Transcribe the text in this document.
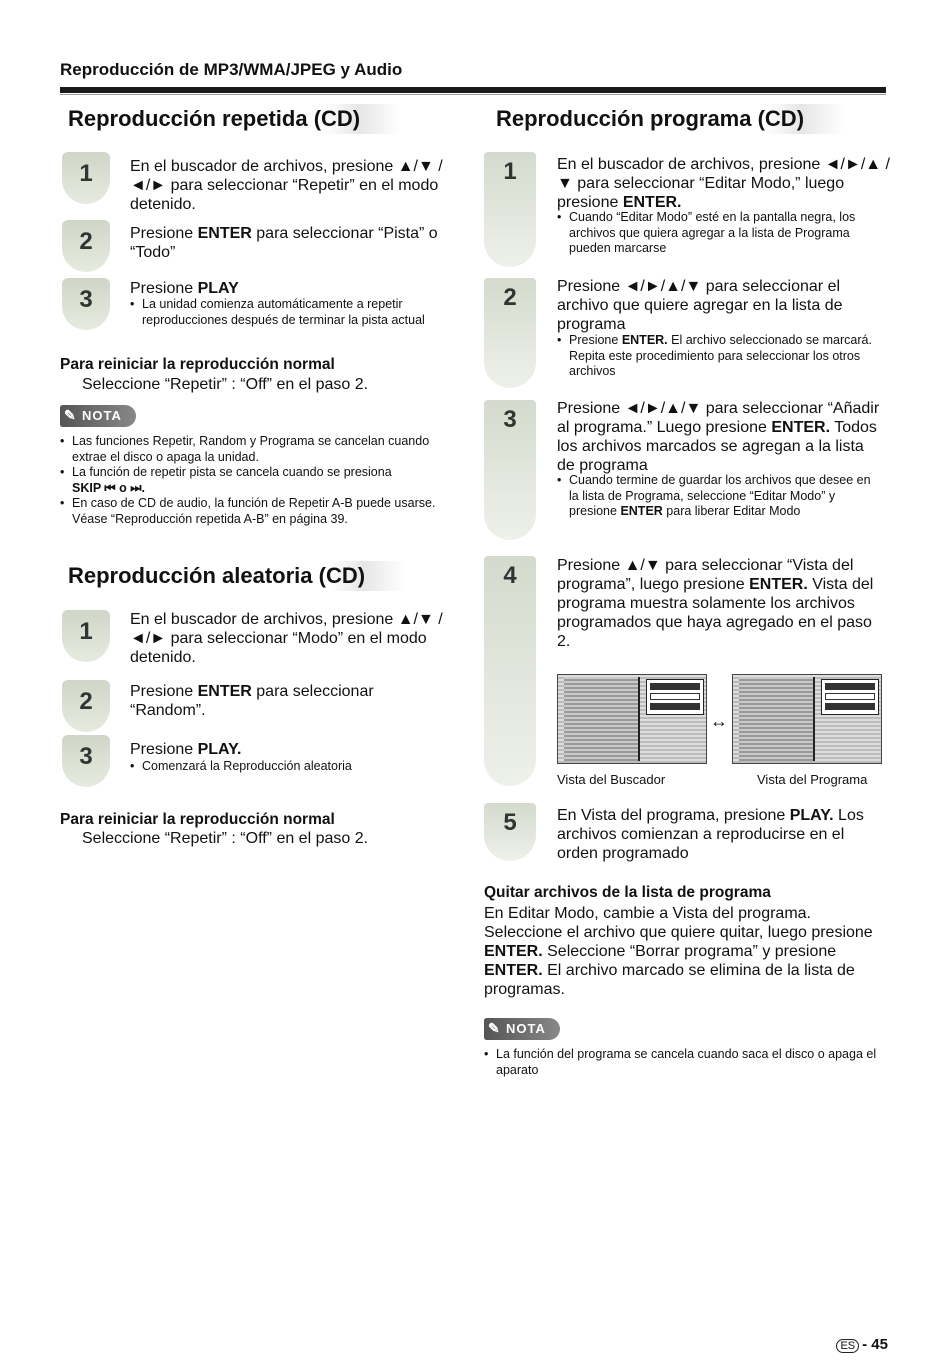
Reproducción de MP3/WMA/JPEG y Audio
Reproducción repetida (CD)
1	En el buscador de archivos, presione ▲/▼ /◄/► para seleccionar “Repetir” en el modo detenido.
2	Presione ENTER para seleccionar “Pista” o “Todo”
3	Presione PLAY
• La unidad comienza automáticamente a repetir reproducciones después de terminar la pista actual
Para reiniciar la reproducción normal
Seleccione “Repetir” : “Off” en el paso 2.
✎ NOTA
• Las funciones Repetir, Random y Programa se cancelan cuando extrae el disco o apaga la unidad.
• La función de repetir pista se cancela cuando se presiona
SKIP ⏮ o ⏭.
• En caso de CD de audio, la función de Repetir A-B puede usarse. Véase “Reproducción repetida A-B” en página 39.
Reproducción aleatoria (CD)
1	En el buscador de archivos, presione ▲/▼ /◄/► para seleccionar “Modo” en el modo detenido.
2	Presione ENTER para seleccionar “Random”.
3	Presione PLAY.
• Comenzará la Reproducción aleatoria
Para reiniciar la reproducción normal
Seleccione “Repetir” : “Off” en el paso 2.
Reproducción programa (CD)
1	En el buscador de archivos, presione ◄/►/▲ /▼ para seleccionar “Editar Modo,” luego presione ENTER.
• Cuando “Editar Modo” esté en la pantalla negra, los archivos que quiera agregar a la lista de Programa pueden marcarse
2	Presione ◄/►/▲/▼ para seleccionar el archivo que quiere agregar en la lista de programa
• Presione ENTER. El archivo seleccionado se marcará. Repita este procedimiento para seleccionar los otros archivos
3	Presione ◄/►/▲/▼ para seleccionar “Añadir al programa.” Luego presione ENTER. Todos los archivos marcados se agregan a la lista de programa
• Cuando termine de guardar los archivos que desee en la lista de Programa, seleccione “Editar Modo” y presione ENTER para liberar Editar Modo
4	Presione ▲/▼ para seleccionar “Vista del programa”, luego presione ENTER. Vista del programa muestra solamente los archivos programados que haya agregado en el paso 2.
↔
Vista del Buscador	Vista del Programa
5	En Vista del programa, presione PLAY. Los archivos comienzan a reproducirse en el orden programado
Quitar archivos de la lista de programa
En Editar Modo, cambie a Vista del programa. Seleccione el archivo que quiere quitar, luego presione ENTER. Seleccione “Borrar programa” y presione ENTER. El archivo marcado se elimina de la lista de programas.
✎ NOTA
• La función del programa se cancela cuando saca el disco o apaga el aparato
ES - 45
